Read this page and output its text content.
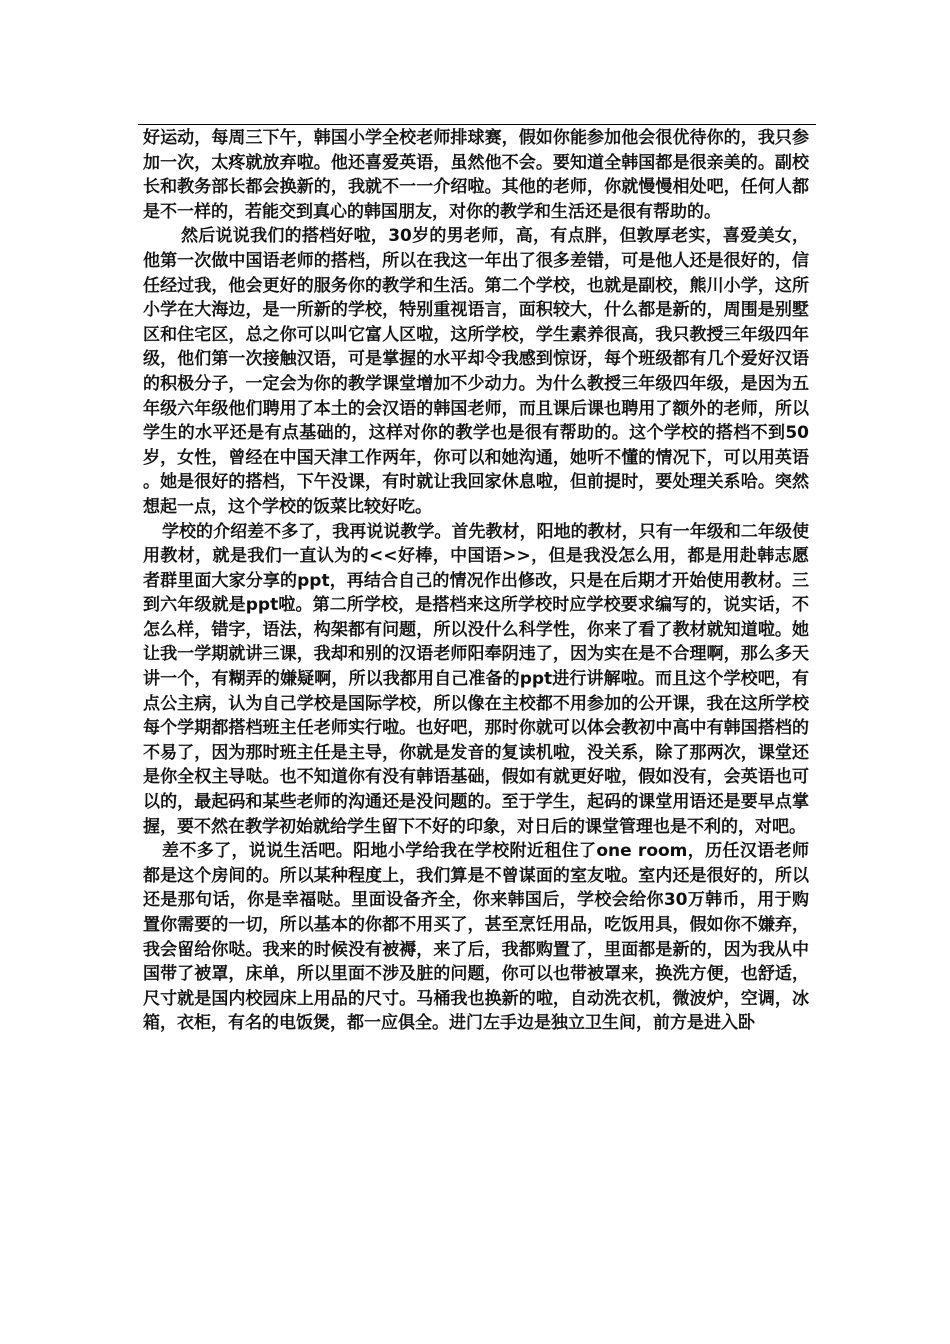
好运动，每周三下午，韩国小学全校老师排球赛，假如你能参加他会很优待你的，我只参加一次，太疼就放弃啦。他还喜爱英语，虽然他不会。要知道全韩国都是很亲美的。副校长和教务部长都会换新的，我就不一一介绍啦。其他的老师，你就慢慢相处吧，任何人都是不一样的，若能交到真心的韩国朋友，对你的教学和生活还是很有帮助的。

然后说说我们的搭档好啦，30岁的男老师，高，有点胖，但敦厚老实，喜爱美女，他第一次做中国语老师的搭档，所以在我这一年出了很多差错，可是他人还是很好的，信任经过我，他会更好的服务你的教学和生活。第二个学校，也就是副校，熊川小学，这所小学在大海边，是一所新的学校，特别重视语言，面积较大，什么都是新的，周围是别墅区和住宅区，总之你可以叫它富人区啦，这所学校，学生素养很高，我只教授三年级四年级，他们第一次接触汉语，可是掌握的水平却令我感到惊讶，每个班级都有几个爱好汉语的积极分子，一定会为你的教学课堂增加不少动力。为什么教授三年级四年级，是因为五年级六年级他们聘用了本土的会汉语的韩国老师，而且课后课也聘用了额外的老师，所以学生的水平还是有点基础的，这样对你的教学也是很有帮助的。这个学校的搭档不到50岁，女性，曾经在中国天津工作两年，你可以和她沟通，她听不懂的情况下，可以用英语。她是很好的搭档，下午没课，有时就让我回家休息啦，但前提时，要处理关系哈。突然想起一点，这个学校的饭菜比较好吃。

学校的介绍差不多了，我再说说教学。首先教材，阳地的教材，只有一年级和二年级使用教材，就是我们一直认为的<<好棒，中国语>>，但是我没怎么用，都是用赴韩志愿者群里面大家分享的ppt，再结合自己的情况作出修改，只是在后期才开始使用教材。三到六年级就是ppt啦。第二所学校，是搭档来这所学校时应学校要求编写的，说实话，不怎么样，错字，语法，构架都有问题，所以没什么科学性，你来了看了教材就知道啦。她让我一学期就讲三课，我却和别的汉语老师阳奉阴违了，因为实在是不合理啊，那么多天讲一个，有糊弄的嫌疑啊，所以我都用自己准备的ppt进行讲解啦。而且这个学校吧，有点公主病，认为自己学校是国际学校，所以像在主校都不用参加的公开课，我在这所学校每个学期都搭档班主任老师实行啦。也好吧，那时你就可以体会教初中高中有韩国搭档的不易了，因为那时班主任是主导，你就是发音的复读机啦，没关系，除了那两次，课堂还是你全权主导哒。也不知道你有没有韩语基础，假如有就更好啦，假如没有，会英语也可以的，最起码和某些老师的沟通还是没问题的。至于学生，起码的课堂用语还是要早点掌握，要不然在教学初始就给学生留下不好的印象，对日后的课堂管理也是不利的，对吧。

差不多了，说说生活吧。阳地小学给我在学校附近租住了one room，历任汉语老师都是这个房间的。所以某种程度上，我们算是不曾谋面的室友啦。室内还是很好的，所以还是那句话，你是幸福哒。里面设备齐全，你来韩国后，学校会给你30万韩币，用于购置你需要的一切，所以基本的你都不用买了，甚至烹饪用品，吃饭用具，假如你不嫌弃，我会留给你哒。我来的时候没有被褥，来了后，我都购置了，里面都是新的，因为我从中国带了被罩，床单，所以里面不涉及脏的问题，你可以也带被罩来，换洗方便，也舒适，尺寸就是国内校园床上用品的尺寸。马桶我也换新的啦，自动洗衣机，微波炉，空调，冰箱，衣柜，有名的电饭煲，都一应俱全。进门左手边是独立卫生间，前方是进入卧
